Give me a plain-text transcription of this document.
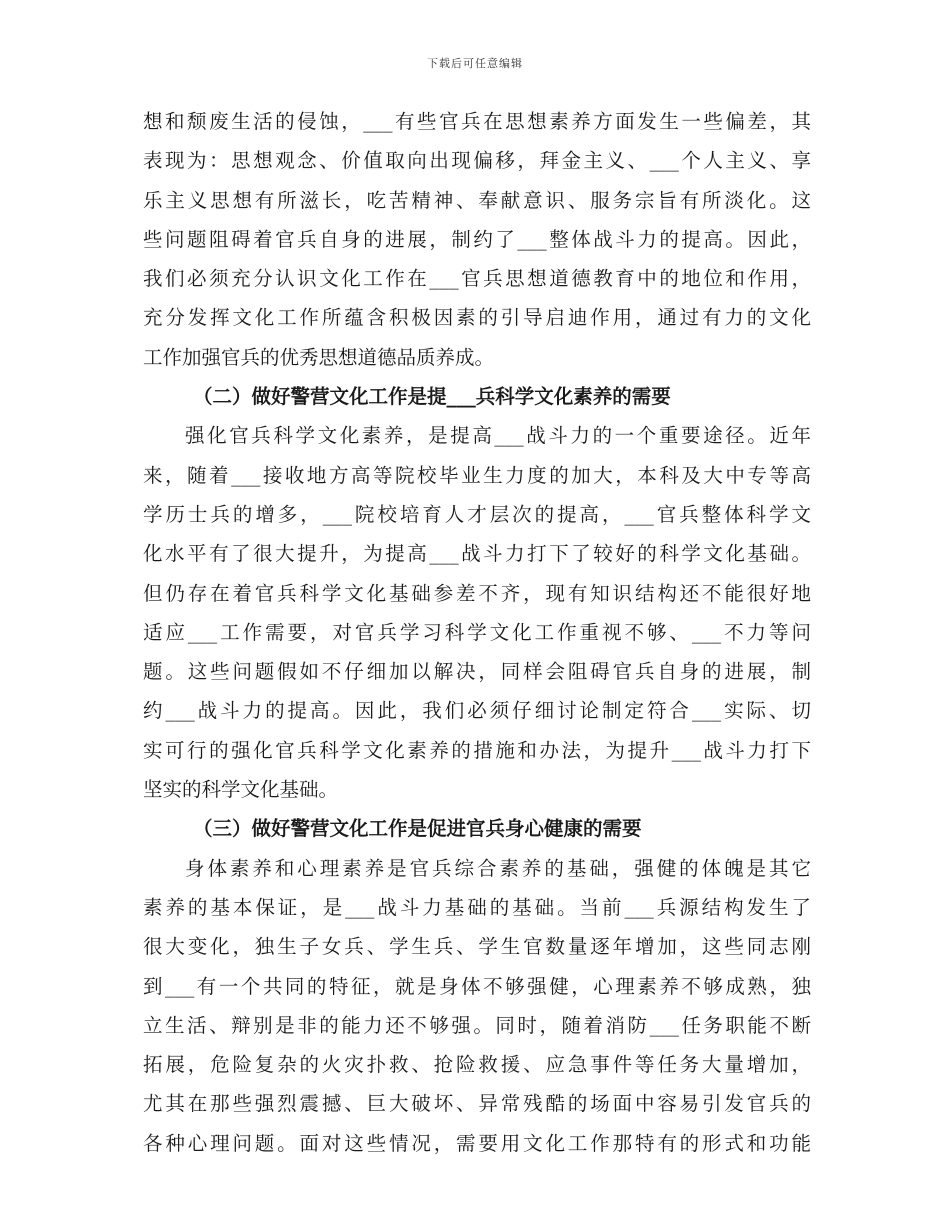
下载后可任意编辑
想和颓废生活的侵蚀，___有些官兵在思想素养方面发生一些偏差，其
表现为：思想观念、价值取向出现偏移，拜金主义、___个人主义、享
乐主义思想有所滋长，吃苦精神、奉献意识、服务宗旨有所淡化。这
些问题阻碍着官兵自身的进展，制约了___整体战斗力的提高。因此，
我们必须充分认识文化工作在___官兵思想道德教育中的地位和作用，
充分发挥文化工作所蕴含积极因素的引导启迪作用，通过有力的文化
工作加强官兵的优秀思想道德品质养成。
（二）做好警营文化工作是提___兵科学文化素养的需要
强化官兵科学文化素养，是提高___战斗力的一个重要途径。近年
来，随着___接收地方高等院校毕业生力度的加大，本科及大中专等高
学历士兵的增多，___院校培育人才层次的提高，___官兵整体科学文
化水平有了很大提升，为提高___战斗力打下了较好的科学文化基础。
但仍存在着官兵科学文化基础参差不齐，现有知识结构还不能很好地
适应___工作需要，对官兵学习科学文化工作重视不够、___不力等问
题。这些问题假如不仔细加以解决，同样会阻碍官兵自身的进展，制
约___战斗力的提高。因此，我们必须仔细讨论制定符合___实际、切
实可行的强化官兵科学文化素养的措施和办法，为提升___战斗力打下
坚实的科学文化基础。
（三）做好警营文化工作是促进官兵身心健康的需要
身体素养和心理素养是官兵综合素养的基础，强健的体魄是其它
素养的基本保证，是___战斗力基础的基础。当前___兵源结构发生了
很大变化，独生子女兵、学生兵、学生官数量逐年增加，这些同志刚
到___有一个共同的特征，就是身体不够强健，心理素养不够成熟，独
立生活、辩别是非的能力还不够强。同时，随着消防___任务职能不断
拓展，危险复杂的火灾扑救、抢险救援、应急事件等任务大量增加，
尤其在那些强烈震撼、巨大破坏、异常残酷的场面中容易引发官兵的
各种心理问题。面对这些情况，需要用文化工作那特有的形式和功能
